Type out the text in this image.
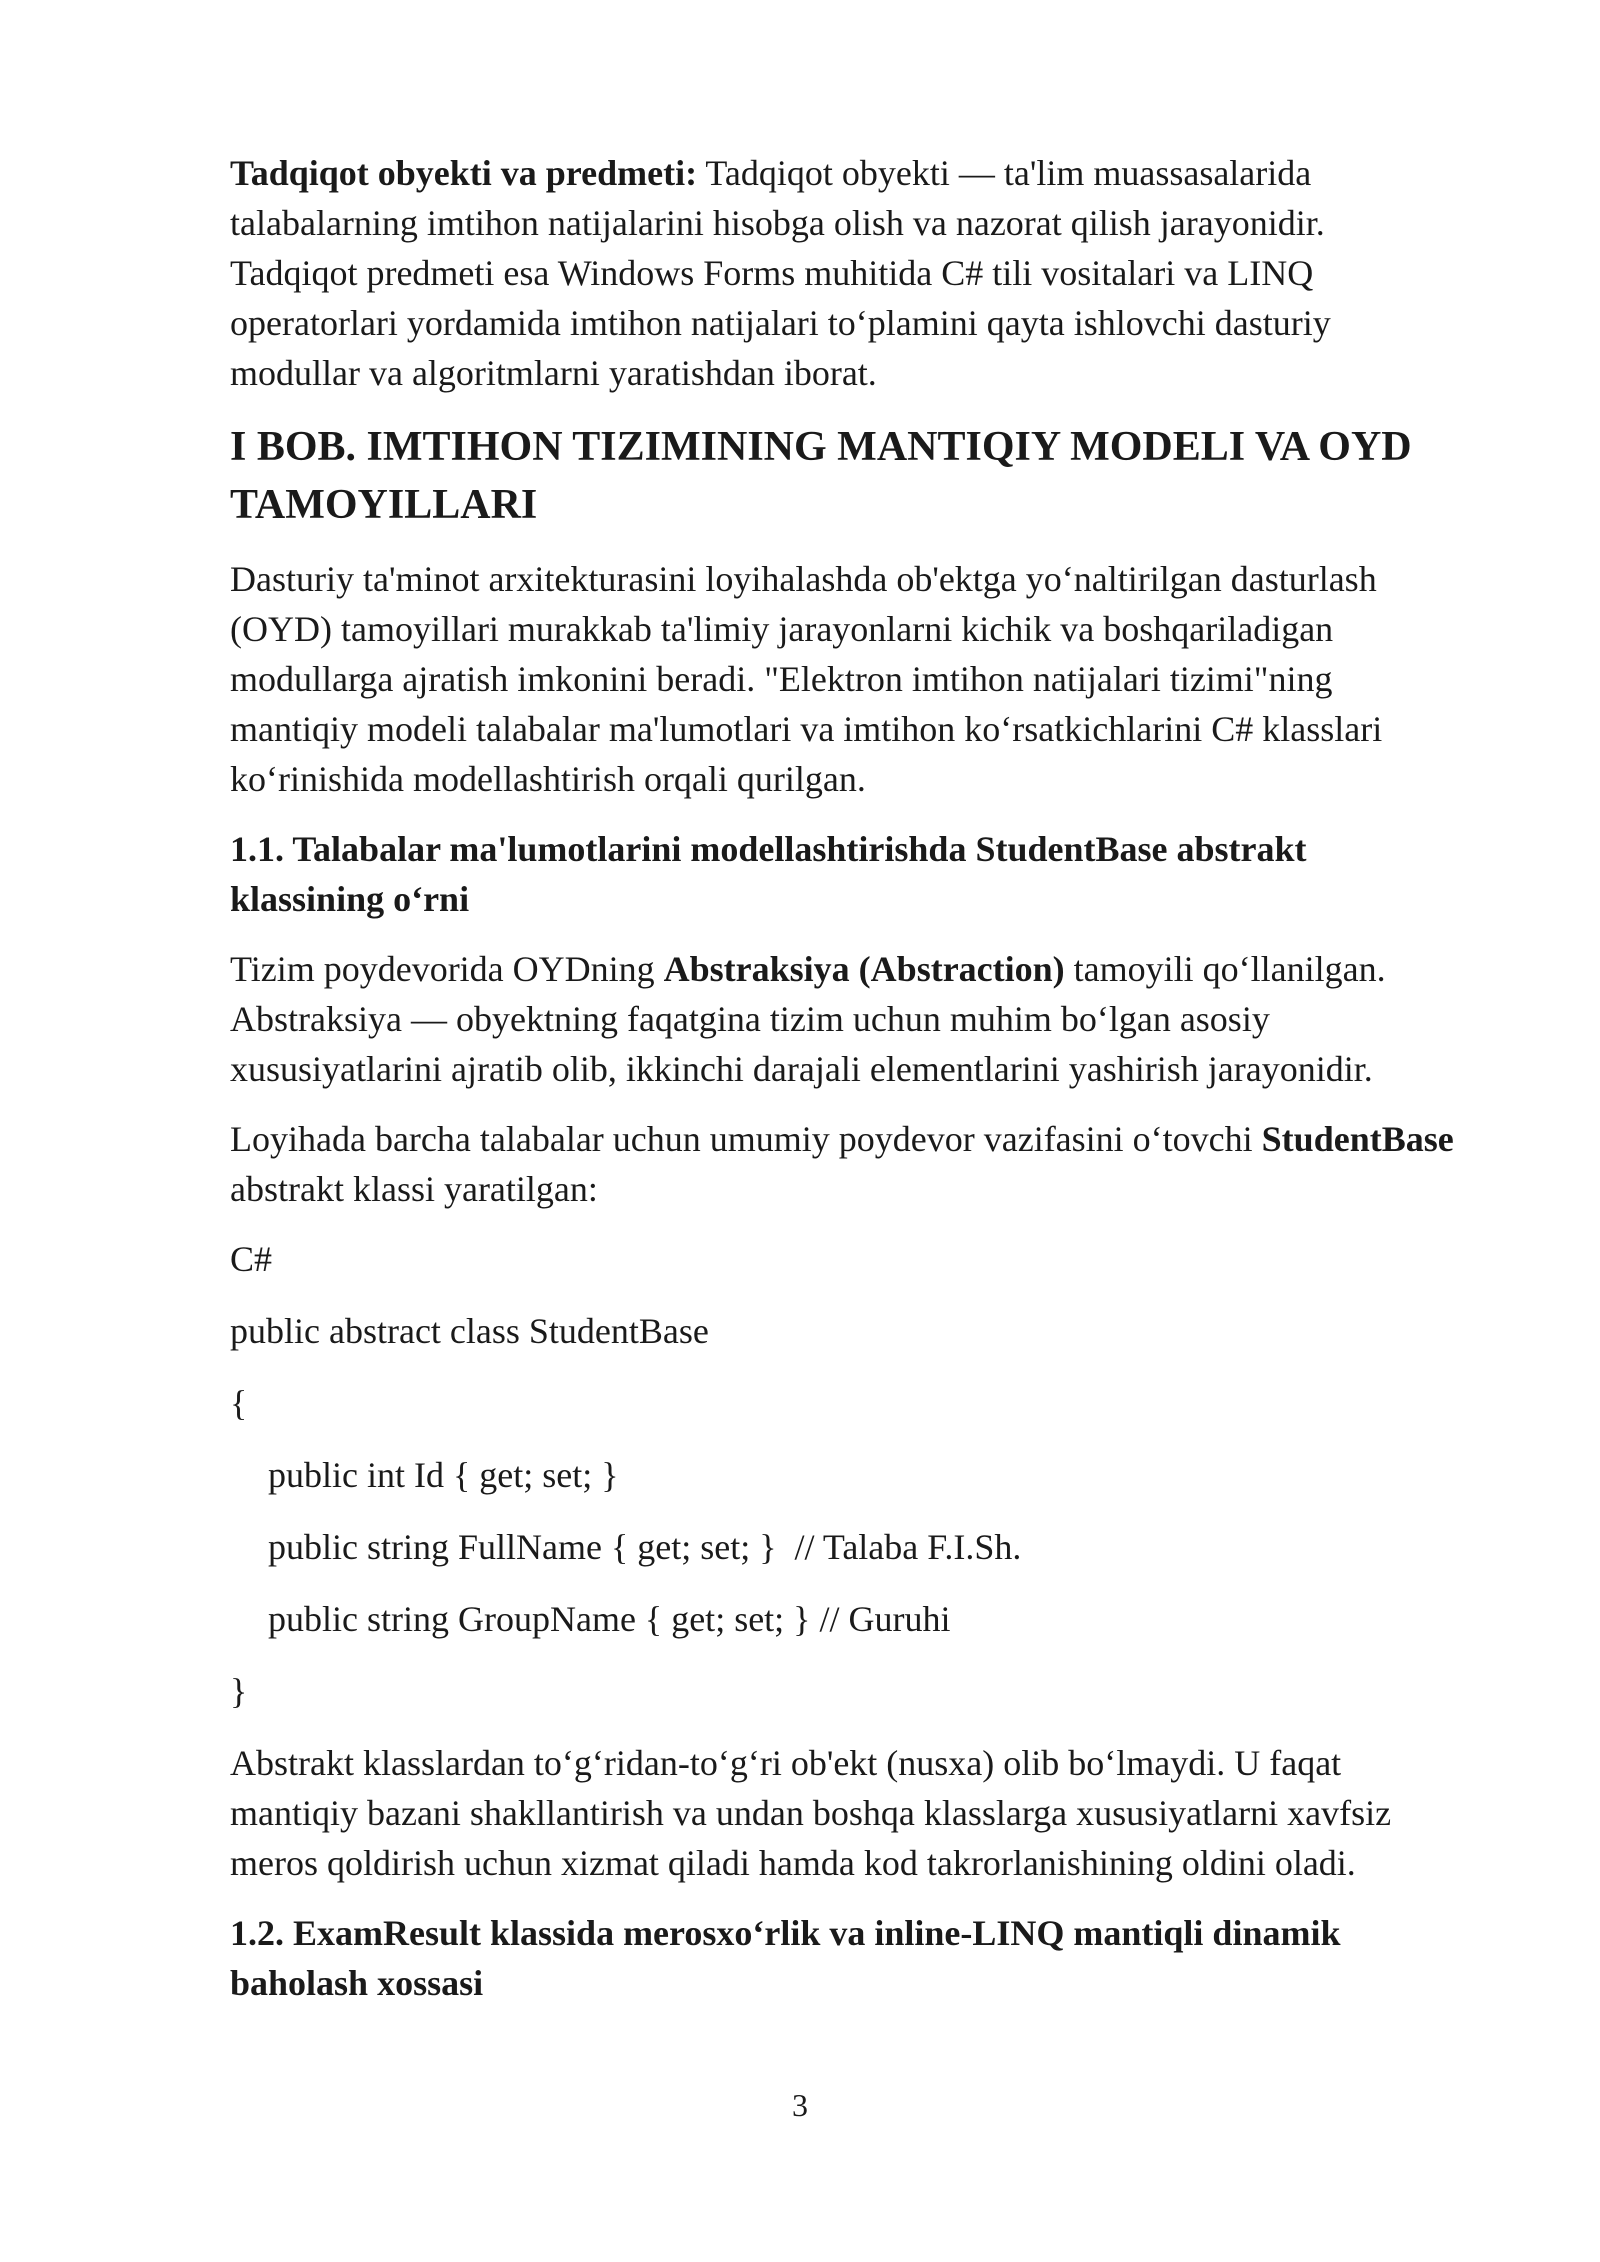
Tadqiqot obyekti va predmeti: Tadqiqot obyekti — ta'lim muassasalarida talabalarning imtihon natijalarini hisobga olish va nazorat qilish jarayonidir. Tadqiqot predmeti esa Windows Forms muhitida C# tili vositalari va LINQ operatorlari yordamida imtihon natijalari to‘plamini qayta ishlovchi dasturiy modullar va algoritmlarni yaratishdan iborat.

I BOB. IMTIHON TIZIMINING MANTIQIY MODELI VA OYD TAMOYILLARI

Dasturiy ta'minot arxitekturasini loyihalashda ob'ektga yo‘naltirilgan dasturlash (OYD) tamoyillari murakkab ta'limiy jarayonlarni kichik va boshqariladigan modullarga ajratish imkonini beradi. "Elektron imtihon natijalari tizimi"ning mantiqiy modeli talabalar ma'lumotlari va imtihon ko‘rsatkichlarini C# klasslari ko‘rinishida modellashtirish orqali qurilgan.

1.1. Talabalar ma'lumotlarini modellashtirishda StudentBase abstrakt klassining o‘rni

Tizim poydevorida OYDning Abstraksiya (Abstraction) tamoyili qo‘llanilgan. Abstraksiya — obyektning faqatgina tizim uchun muhim bo‘lgan asosiy xususiyatlarini ajratib olib, ikkinchi darajali elementlarini yashirish jarayonidir.

Loyihada barcha talabalar uchun umumiy poydevor vazifasini o‘tovchi StudentBase abstrakt klassi yaratilgan:

C#

public abstract class StudentBase

{

public int Id { get; set; }

public string FullName { get; set; }  // Talaba F.I.Sh.

public string GroupName { get; set; } // Guruhi

}

Abstrakt klasslardan to‘g‘ridan-to‘g‘ri ob'ekt (nusxa) olib bo‘lmaydi. U faqat mantiqiy bazani shakllantirish va undan boshqa klasslarga xususiyatlarni xavfsiz meros qoldirish uchun xizmat qiladi hamda kod takrorlanishining oldini oladi.

1.2. ExamResult klassida merosxo‘rlik va inline-LINQ mantiqli dinamik baholash xossasi
3
